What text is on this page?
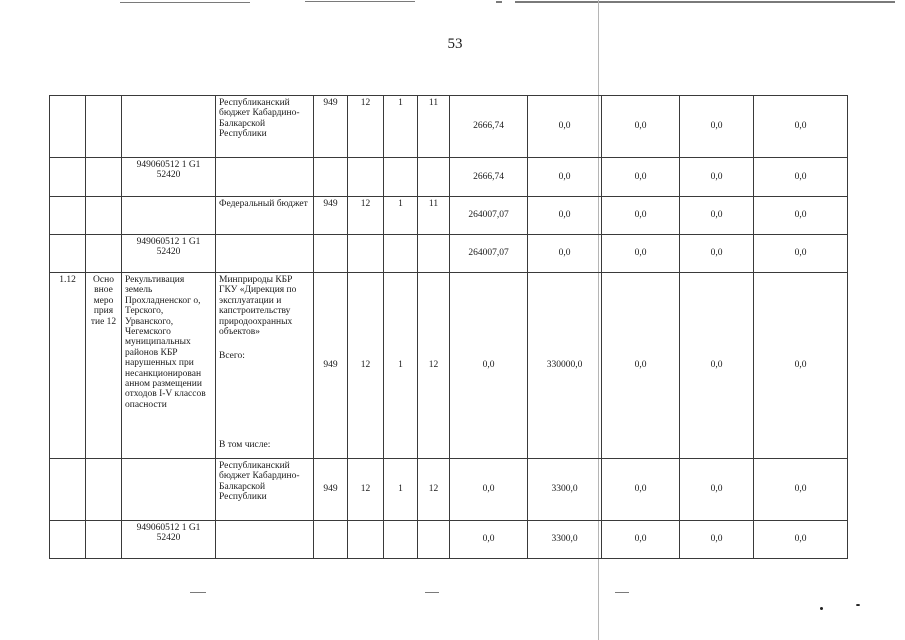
53
			Республиканский бюджет Кабардино-Балкарской Республики	949	12	1	11	2666,74	0,0	0,0	0,0	0,0
		949060512 1 G1 52420						2666,74	0,0	0,0	0,0	0,0
			Федеральный бюджет	949	12	1	11	264007,07	0,0	0,0	0,0	0,0
		949060512 1 G1 52420						264007,07	0,0	0,0	0,0	0,0
1.12	Осно вное меро прия тие 12	Рекультивация земель Прохладненског о, Терского, Урванского, Чегемского муниципальных районов КБР нарушенных при несанкционирован анном размещении отходов I-V классов опасности	Минприроды КБР ГКУ «Дирекция по эксплуатации и капстроительству природоохранных объектов»
Всего:
В том числе:	949	12	1	12	0,0	330000,0	0,0	0,0	0,0
			Республиканский бюджет Кабардино-Балкарской Республики	949	12	1	12	0,0	3300,0	0,0	0,0	0,0
		949060512 1 G1 52420						0,0	3300,0	0,0	0,0	0,0
